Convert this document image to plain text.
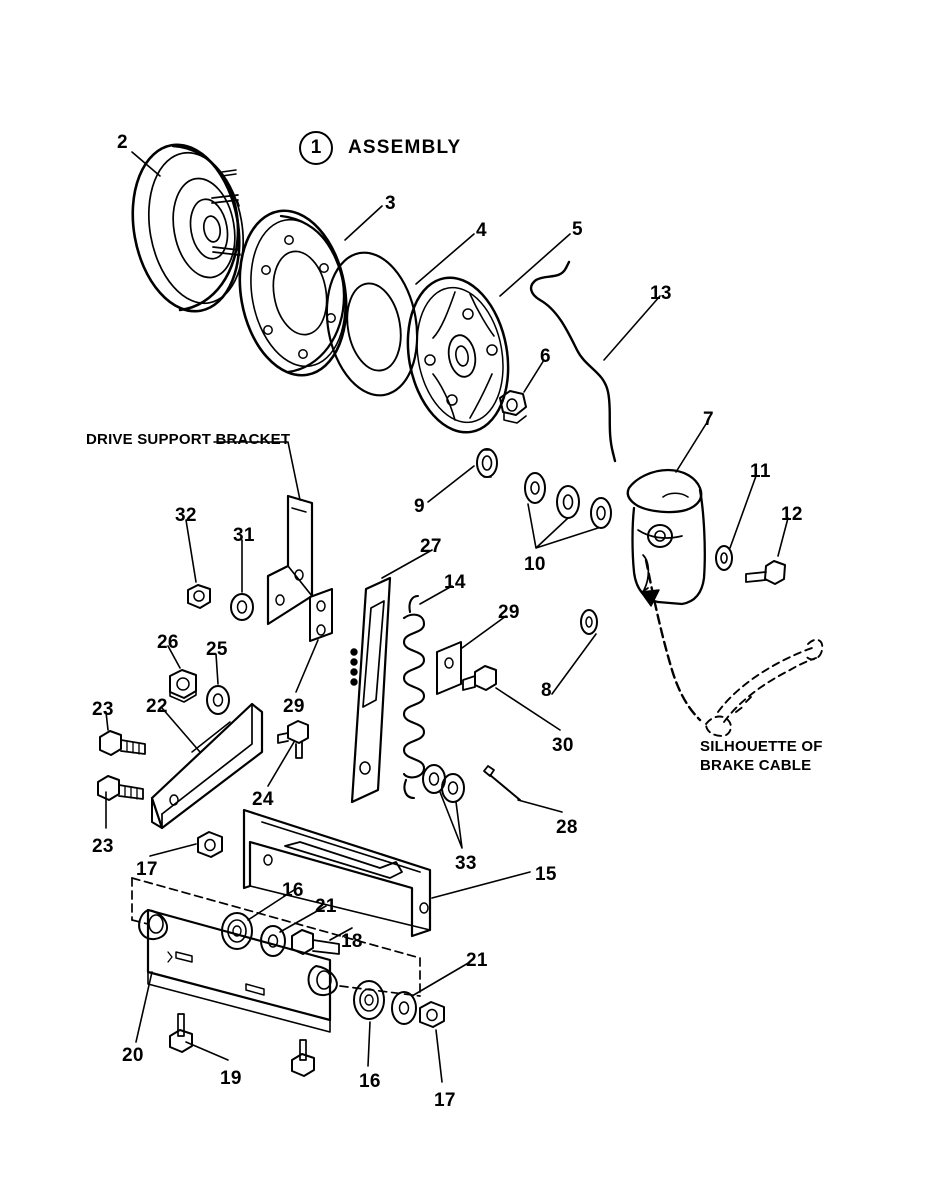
1 ASSEMBLY
DRIVE SUPPORT BRACKET
SILHOUETTE OF
BRAKE CABLE
2
3
4	5
13
6
7
11
12
9
10
32
31
27
14
29
26 25
29
23 22
8
30
24
23
28
33
17	15
16
21
18
21
20
19	16
17
